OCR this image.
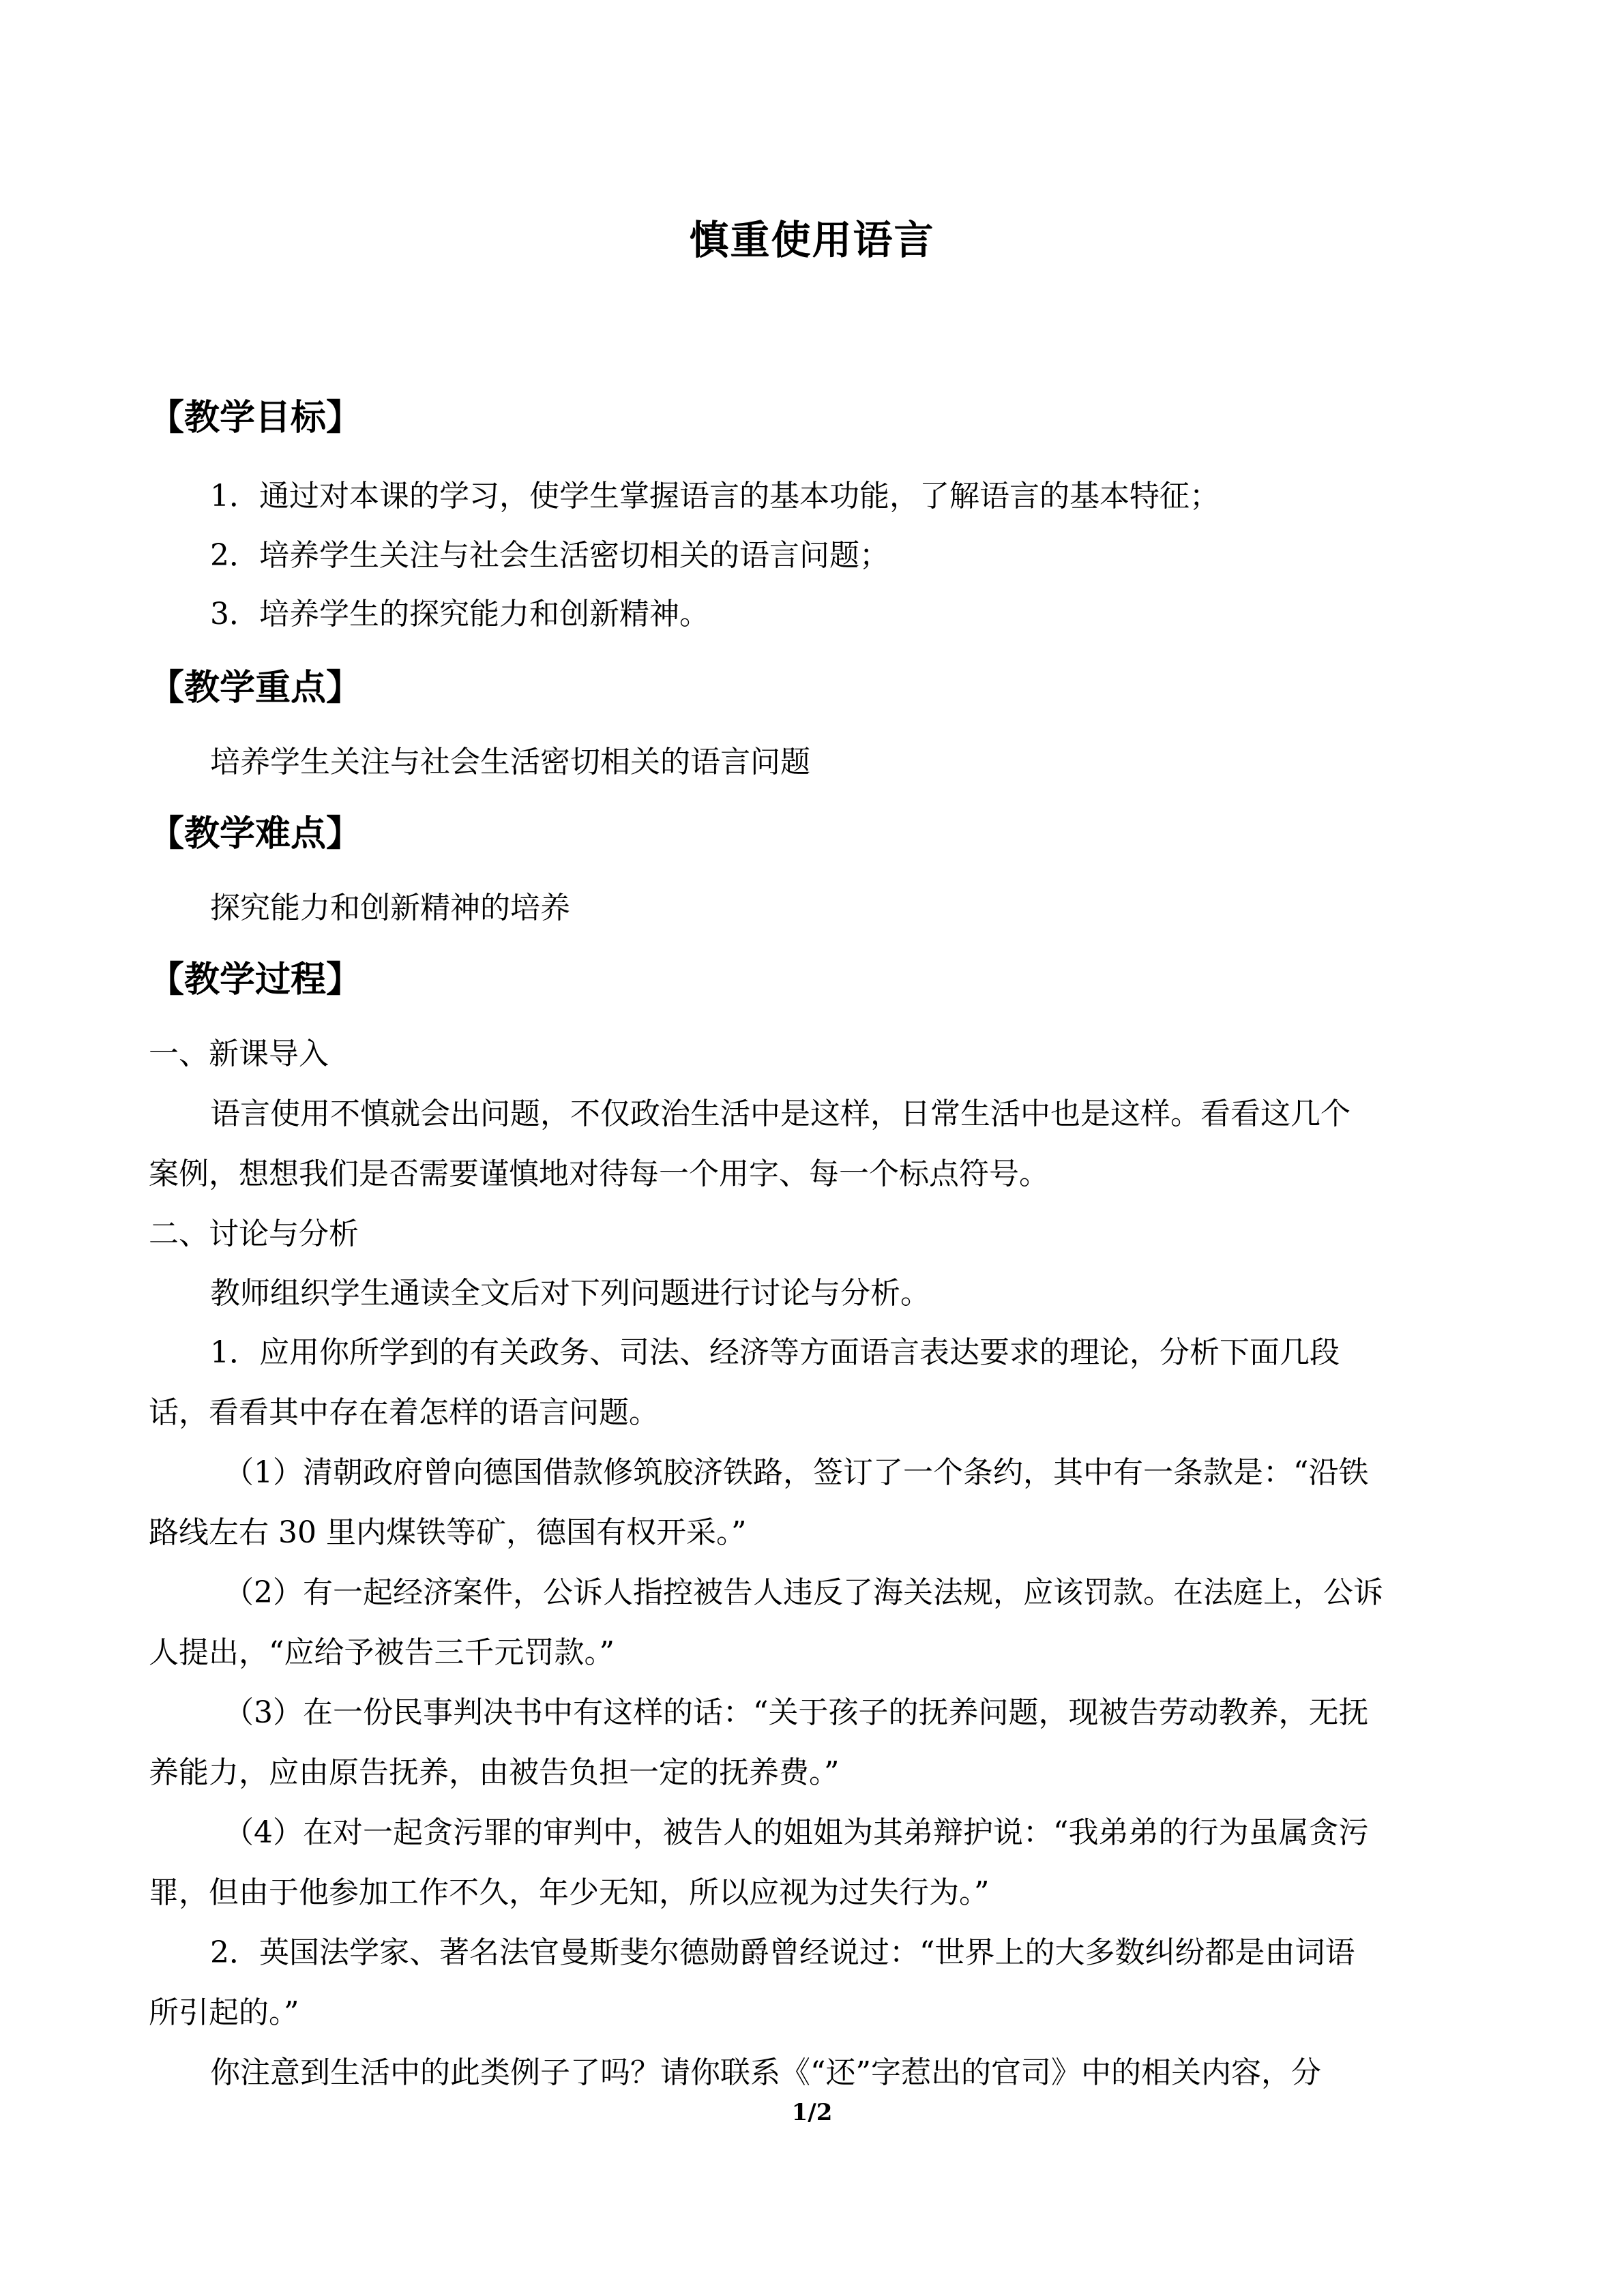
慎重使用语言
【教学目标】
1．通过对本课的学习，使学生掌握语言的基本功能，了解语言的基本特征；
2．培养学生关注与社会生活密切相关的语言问题；
3．培养学生的探究能力和创新精神。
【教学重点】
培养学生关注与社会生活密切相关的语言问题
【教学难点】
探究能力和创新精神的培养
【教学过程】
一、新课导入
语言使用不慎就会出问题，不仅政治生活中是这样，日常生活中也是这样。看看这几个
案例，想想我们是否需要谨慎地对待每一个用字、每一个标点符号。
二、讨论与分析
教师组织学生通读全文后对下列问题进行讨论与分析。
1．应用你所学到的有关政务、司法、经济等方面语言表达要求的理论，分析下面几段
话，看看其中存在着怎样的语言问题。
（1）清朝政府曾向德国借款修筑胶济铁路，签订了一个条约，其中有一条款是：“沿铁
路线左右 30 里内煤铁等矿，德国有权开采。”
（2）有一起经济案件，公诉人指控被告人违反了海关法规，应该罚款。在法庭上，公诉
人提出，“应给予被告三千元罚款。”
（3）在一份民事判决书中有这样的话：“关于孩子的抚养问题，现被告劳动教养，无抚
养能力，应由原告抚养，由被告负担一定的抚养费。”
（4）在对一起贪污罪的审判中，被告人的姐姐为其弟辩护说：“我弟弟的行为虽属贪污
罪，但由于他参加工作不久，年少无知，所以应视为过失行为。”
2．英国法学家、著名法官曼斯斐尔德勋爵曾经说过：“世界上的大多数纠纷都是由词语
所引起的。”
你注意到生活中的此类例子了吗？请你联系《“还”字惹出的官司》中的相关内容，分
1/2
